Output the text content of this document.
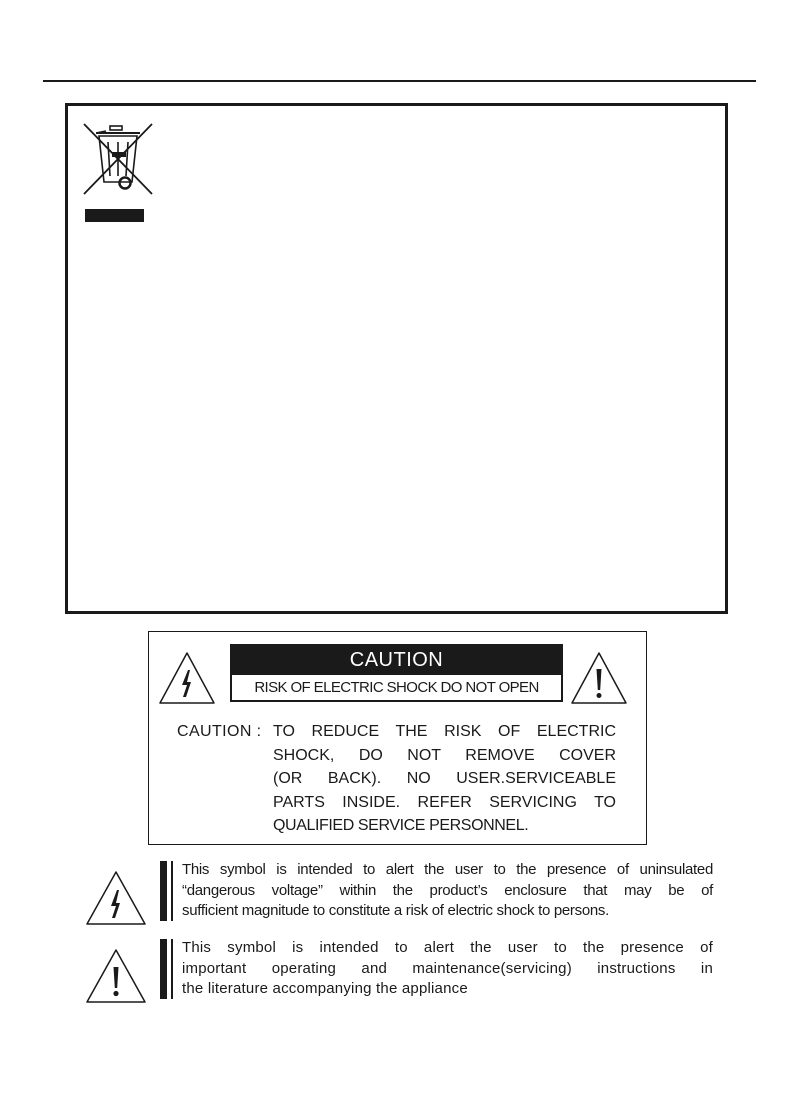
CAUTION
RISK OF ELECTRIC SHOCK DO NOT OPEN
CAUTION : TO REDUCE THE RISK OF ELECTRIC
SHOCK, DO NOT REMOVE COVER
(OR BACK). NO USER.SERVICEABLE
PARTS INSIDE. REFER SERVICING TO
QUALIFIED SERVICE PERSONNEL.
This symbol is intended to alert the user to the presence of uninsulated
“dangerous voltage” within the product’s enclosure that may be of
sufficient magnitude to constitute a risk of electric shock to persons.
This symbol is intended to alert the user to the presence of
important operating and maintenance(servicing) instructions in
the literature accompanying the appliance
